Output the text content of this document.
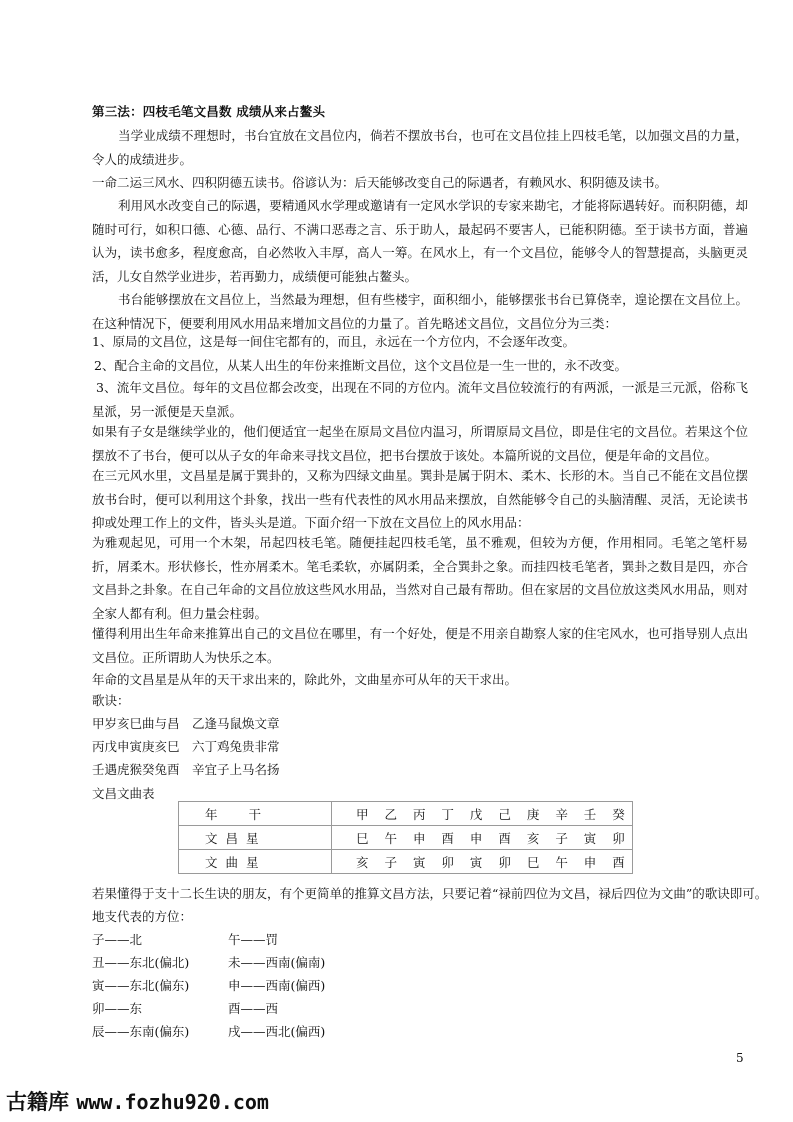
第三法：四枝毛笔文昌数 成绩从来占鳌头
当学业成绩不理想时，书台宜放在文昌位内，倘若不摆放书台，也可在文昌位挂上四枝毛笔，以加强文昌的力量，令人的成绩进步。
一命二运三风水、四积阴德五读书。俗谚认为：后天能够改变自己的际遇者，有赖风水、积阴德及读书。
利用风水改变自己的际遇，要精通风水学理或邀请有一定风水学识的专家来勘宅，才能将际遇转好。而积阴德，却随时可行，如积口德、心德、品行、不满口恶毒之言、乐于助人，最起码不要害人，已能积阴德。至于读书方面，普遍认为，读书愈多，程度愈高，自必然收入丰厚，高人一筹。在风水上，有一个文昌位，能够令人的智慧提高，头脑更灵活，儿女自然学业进步，若再勤力，成绩便可能独占鳌头。
书台能够摆放在文昌位上，当然最为理想，但有些楼宇，面积细小，能够摆张书台已算侥幸，遑论摆在文昌位上。在这种情况下，便要利用风水用品来增加文昌位的力量了。首先略述文昌位，文昌位分为三类：
1、原局的文昌位，这是每一间住宅都有的，而且，永远在一个方位内，不会逐年改变。
2、配合主命的文昌位，从某人出生的年份来推断文昌位，这个文昌位是一生一世的，永不改变。
3、流年文昌位。每年的文昌位都会改变，出现在不同的方位内。流年文昌位较流行的有两派，一派是三元派，俗称飞星派，另一派便是天皇派。
如果有子女是继续学业的，他们便适宜一起坐在原局文昌位内温习，所谓原局文昌位，即是住宅的文昌位。若果这个位摆放不了书台，便可以从子女的年命来寻找文昌位，把书台摆放于该处。本篇所说的文昌位，便是年命的文昌位。
在三元风水里，文昌星是属于巽卦的，又称为四绿文曲星。巽卦是属于阴木、柔木、长形的木。当自己不能在文昌位摆放书台时，便可以利用这个卦象，找出一些有代表性的风水用品来摆放，自然能够令自己的头脑清醒、灵活，无论读书抑或处理工作上的文件，皆头头是道。下面介绍一下放在文昌位上的风水用品：
为雅观起见，可用一个木架，吊起四枝毛笔。随便挂起四枝毛笔，虽不雅观，但较为方便，作用相同。毛笔之笔杆易折，屑柔木。形状修长，性亦屑柔木。笔毛柔软，亦属阴柔，全合巽卦之象。而挂四枝毛笔者，巽卦之数目是四，亦合文昌卦之卦象。在自己年命的文昌位放这些风水用品，当然对自己最有帮助。但在家居的文昌位放这类风水用品，则对全家人都有利。但力量会柱弱。
懂得利用出生年命来推算出自己的文昌位在哪里，有一个好处，便是不用亲自勘察人家的住宅风水，也可指导别人点出文昌位。正所谓助人为快乐之本。
年命的文昌星是从年的天干求出来的，除此外，文曲星亦可从年的天干求出。
歌诀：
甲岁亥巳曲与昌　乙逢马鼠焕文章
丙戊申寅庚亥巳　六丁鸡兔贵非常
壬遇虎猴癸兔酉　辛宜子上马名扬
文昌文曲表
年　　干	甲 乙 丙 丁 戊 己 庚 辛 壬 癸
文 昌 星	巳 午 申 酉 申 酉 亥 子 寅 卯
文 曲 星	亥 子 寅 卯 寅 卯 巳 午 申 酉
若果懂得于支十二长生诀的朋友，有个更简单的推算文昌方法，只要记着“禄前四位为文昌，禄后四位为文曲”的歌诀即可。
地支代表的方位：
子——北	午——罚
丑——东北(偏北)	未——西南(偏南)
寅——东北(偏东)	申——西南(偏西)
卯——东	酉——西
辰——东南(偏东)	戌——西北(偏西)
5
古籍库 www.fozhu920.com
